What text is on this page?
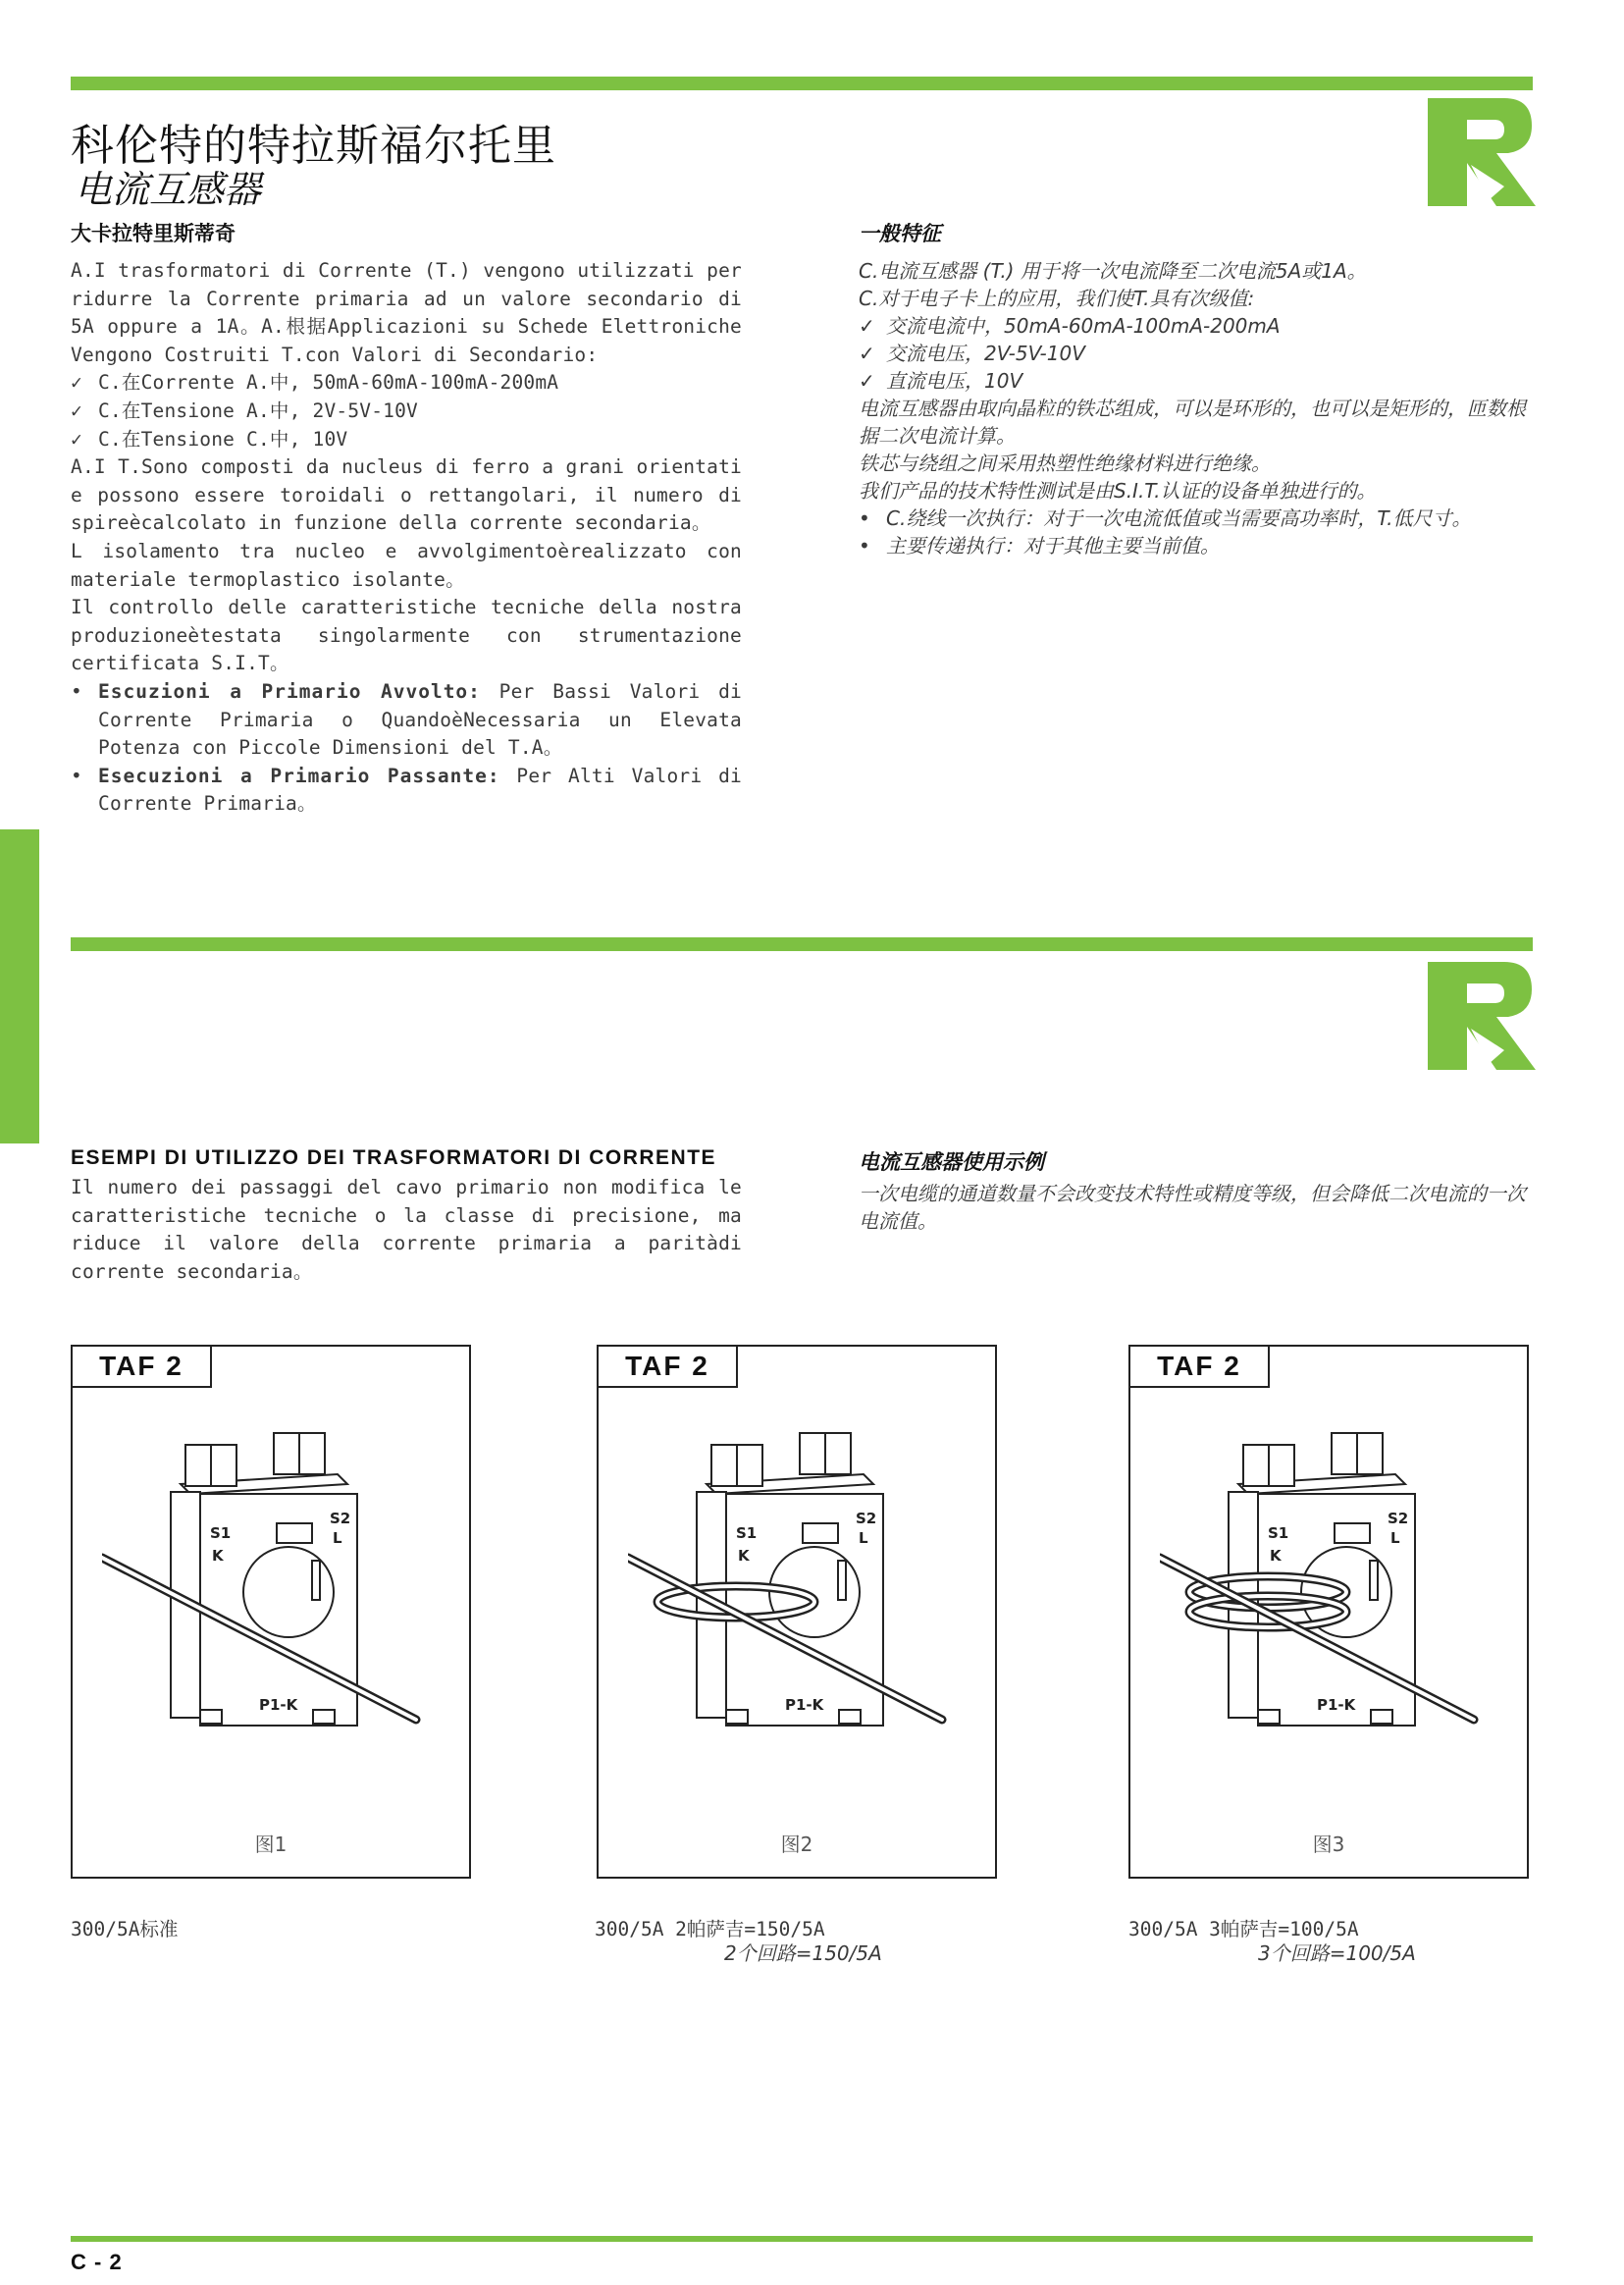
科伦特的特拉斯福尔托里
电流互感器
大卡拉特里斯蒂奇
A.I trasformatori di Corrente (T.) vengono utilizzati per ridurre la Corrente primaria ad un valore secondario di 5A oppure a 1A。A.根据Applicazioni su Schede Elettroniche Vengono Costruiti T.con Valori di Secondario:
✓ C.在Corrente A.中, 50mA-60mA-100mA-200mA
✓ C.在Tensione A.中, 2V-5V-10V
✓ C.在Tensione C.中, 10V
A.I T.Sono composti da nucleus di ferro a grani orientati e possono essere toroidali o rettangolari, il numero di spireècalcolato in funzione della corrente secondaria。
L isolamento tra nucleo e avvolgimentoèrealizzato con materiale termoplastico isolante。
Il controllo delle caratteristiche tecniche della nostra produzioneètestata singolarmente con strumentazione certificata S.I.T。
• Escuzioni a Primario Avvolto: Per Bassi Valori di Corrente Primaria o QuandoèNecessaria un Elevata Potenza con Piccole Dimensioni del T.A。
• Esecuzioni a Primario Passante: Per Alti Valori di Corrente Primaria。
一般特征
C.电流互感器 (T.) 用于将一次电流降至二次电流5A或1A。
C.对于电子卡上的应用，我们使T.具有次级值:
✓ 交流电流中，50mA-60mA-100mA-200mA
✓ 交流电压，2V-5V-10V
✓ 直流电压，10V
电流互感器由取向晶粒的铁芯组成，可以是环形的，也可以是矩形的，匝数根据二次电流计算。
铁芯与绕组之间采用热塑性绝缘材料进行绝缘。
我们产品的技术特性测试是由S.I.T.认证的设备单独进行的。
• C.绕线一次执行：对于一次电流低值或当需要高功率时，T.低尺寸。
• 主要传递执行：对于其他主要当前值。
ESEMPI DI UTILIZZO DEI TRASFORMATORI DI CORRENTE
Il numero dei passaggi del cavo primario non modifica le caratteristiche tecniche o la classe di precisione, ma riduce il valore della corrente primaria a paritàdi corrente secondaria。
电流互感器使用示例
一次电缆的通道数量不会改变技术特性或精度等级，但会降低二次电流的一次电流值。
TAF 2
S1
K
S2
L
P1-K
图1
TAF 2
S1
K
S2
L
P1-K
图2
TAF 2
S1
K
S2
L
P1-K
图3
300/5A标准	300/5A 2帕萨吉=150/5A
2个回路=150/5A
300/5A 3帕萨吉=100/5A
3个回路=100/5A
C - 2
